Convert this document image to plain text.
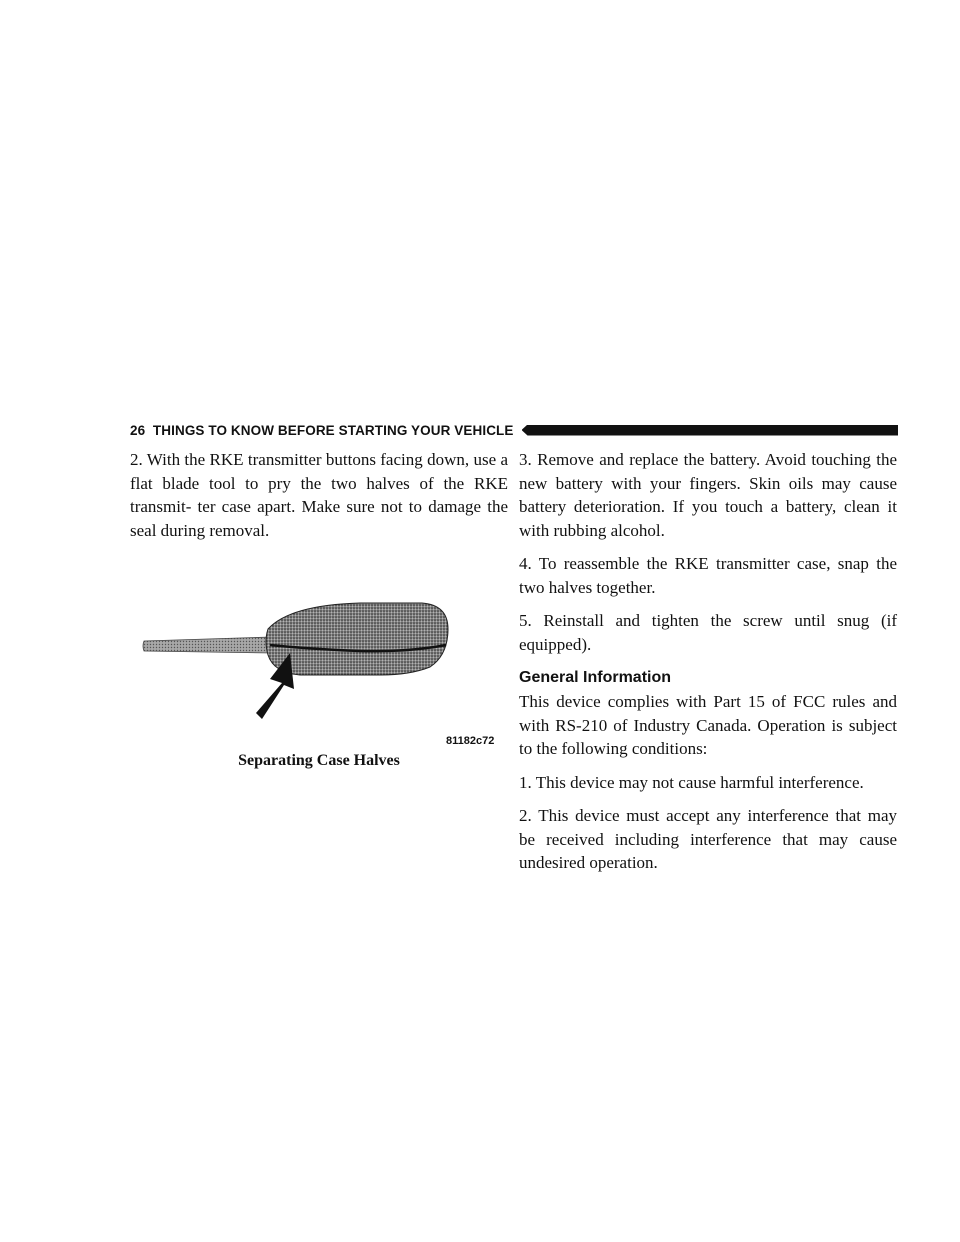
26 THINGS TO KNOW BEFORE STARTING YOUR VEHICLE

2. With the RKE transmitter buttons facing down, use a flat blade tool to pry the two halves of the RKE transmit- ter case apart. Make sure not to damage the seal during removal.

81182c72
Separating Case Halves

3. Remove and replace the battery. Avoid touching the new battery with your fingers. Skin oils may cause battery deterioration. If you touch a battery, clean it with rubbing alcohol.

4. To reassemble the RKE transmitter case, snap the two halves together.

5. Reinstall and tighten the screw until snug (if equipped).

General Information

This device complies with Part 15 of FCC rules and with RS-210 of Industry Canada. Operation is subject to the following conditions:

1. This device may not cause harmful interference.

2. This device must accept any interference that may be received including interference that may cause undesired operation.
